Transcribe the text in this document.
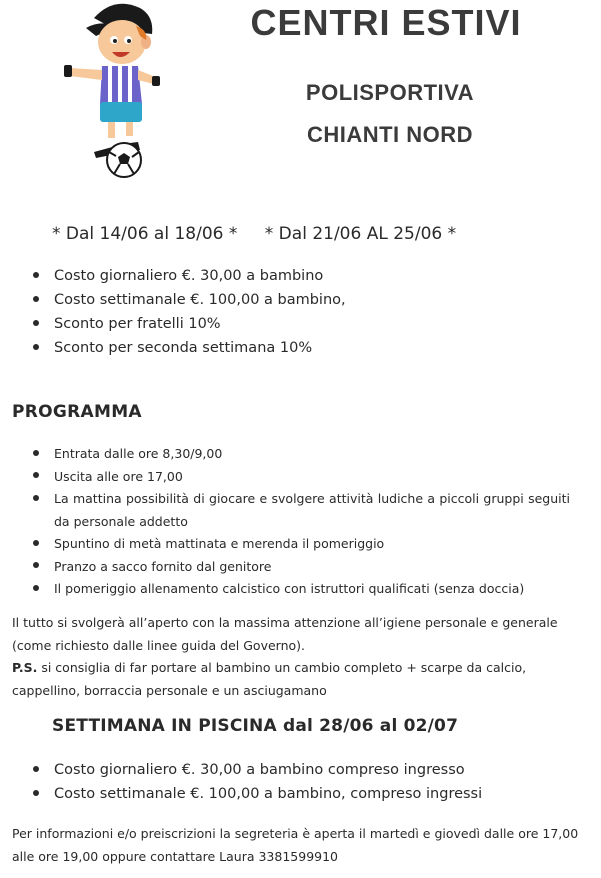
CENTRI ESTIVI
POLISPORTIVA
CHIANTI NORD
* Dal 14/06 al 18/06 * * Dal 21/06 AL 25/06 *
Costo giornaliero €. 30,00 a bambino
Costo settimanale €. 100,00 a bambino,
Sconto per fratelli 10%
Sconto per seconda settimana 10%
PROGRAMMA
Entrata dalle ore 8,30/9,00
Uscita alle ore 17,00
La mattina possibilità di giocare e svolgere attività ludiche a piccoli gruppi seguiti da personale addetto
Spuntino di metà mattinata e merenda il pomeriggio
Pranzo a sacco fornito dal genitore
Il pomeriggio allenamento calcistico con istruttori qualificati (senza doccia)
Il tutto si svolgerà all’aperto con la massima attenzione all’igiene personale e generale (come richiesto dalle linee guida del Governo).
P.S. si consiglia di far portare al bambino un cambio completo + scarpe da calcio, cappellino, borraccia personale e un asciugamano
SETTIMANA IN PISCINA dal 28/06 al 02/07
Costo giornaliero €. 30,00 a bambino compreso ingresso
Costo settimanale €. 100,00 a bambino, compreso ingressi
Per informazioni e/o preiscrizioni la segreteria è aperta il martedì e giovedì dalle ore 17,00 alle ore 19,00 oppure contattare Laura 3381599910
